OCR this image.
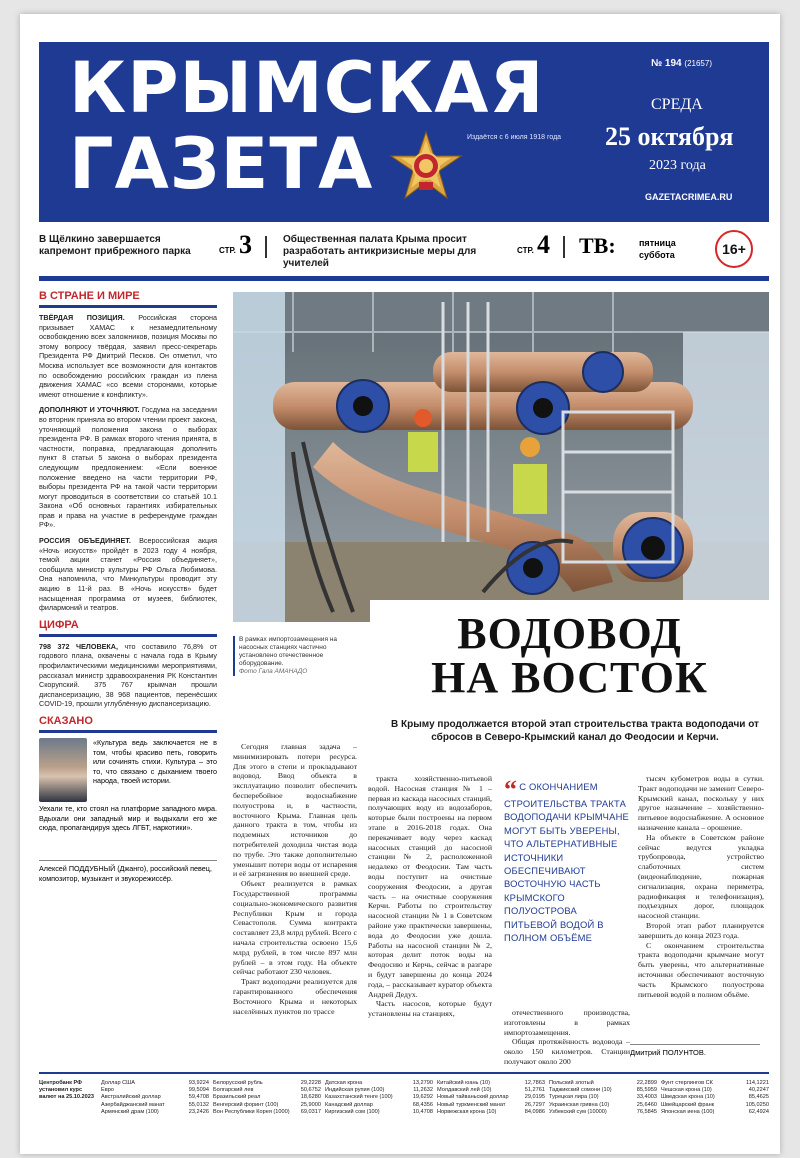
КРЫМСКАЯ
ГАЗЕТА	Издаётся с 6 июля 1918 года
№ 194 (21657)
СРЕДА
25 октября
2023 года
GAZETACRIMEA.RU
В Щёлкино завершается капремонт прибрежного парка	СТР. 3	Общественная палата Крыма просит разработать антикризисные меры для учителей
СТР. 4 ТВ:	пятница
суббота	16+
В СТРАНЕ И МИРЕ

ТВЁРДАЯ ПОЗИЦИЯ. Российская сторона призывает ХАМАС к незамедлительному освобождению всех заложников, позиция Москвы по этому вопросу твёрдая, заявил пресс-секретарь Президента РФ Дмитрий Песков. Он отметил, что Москва использует все возможности для контактов по освобождению российских граждан из плена движения ХАМАС «со всеми сторонами, которые имеют отношение к конфликту».

ДОПОЛНЯЮТ И УТОЧНЯЮТ. Госдума на заседании во вторник приняла во втором чтении проект закона, уточняющий положения закона о выборах президента РФ. В рамках второго чтения принята, в частности, поправка, предлагающая дополнить пункт 8 статьи 5 закона о выборах президента следующим предложением: «Если военное положение введено на части территории РФ, выборы президента РФ на такой части территории могут проводиться в соответствии со статьёй 10.1 Закона «Об основных гарантиях избирательных прав и права на участие в референдуме граждан РФ».

РОССИЯ ОБЪЕДИНЯЕТ. Всероссийская акция «Ночь искусств» пройдёт в 2023 году 4 ноября, темой акции станет «Россия объединяет», сообщила министр культуры РФ Ольга Любимова. Она напомнила, что Минкультуры проводит эту акцию в 11-й раз. В «Ночь искусств» будет насыщенная программа от музеев, библиотек, филармоний и театров.

ЦИФРА

798 372 ЧЕЛОВЕКА, что составило 76,8% от годового плана, охвачены с начала года в Крыму профилактическими медицинскими мероприятиями, рассказал министр здравоохранения РК Константин Скорупский. 375 767 крымчан прошли диспансеризацию, 38 968 пациентов, перенёсших COVID-19, прошли углублённую диспансеризацию.

СКАЗАНО
«Культура ведь заключается не в том, чтобы красиво петь, говорить или сочинять стихи. Культура – это то, что связано с дыханием твоего народа, твоей истории.
Уехали те, кто стоял на платформе западного мира. Вдыхали они западный мир и выдыхали его же сюда, пропагандируя здесь ЛГБТ, наркотики».
Алексей ПОДДУБНЫЙ (Джанго), российский певец, композитор, музыкант и звукорежиссёр.
В рамках импортозамещения на насосных станциях частично установлено отечественное оборудование.
Фото Гала АМАНАДО
ВОДОВОД
НА ВОСТОК
В Крыму продолжается второй этап строительства тракта водоподачи от сбросов в Северо-Крымский канал до Феодосии и Керчи.

Сегодня главная задача – минимизировать потери ресурса. Для этого в степи и прокладывают водовод. Ввод объекта в эксплуатацию позволит обеспечить бесперебойное водоснабжение полуострова и, в частности, восточного Крыма. Главная цель данного тракта в том, чтобы из подземных источников до потребителей доходила чистая вода по трубе. Это также дополнительно уменьшит потери воды от испарения и её загрязнения во внешней среде.

Объект реализуется в рамках Государственной программы социально-экономического развития Республики Крым и города Севастополя. Сумма контракта составляет 23,8 млрд рублей. Всего с начала строительства освоено 15,6 млрд рублей, в том числе 897 млн рублей – в этом году. На объекте сейчас работают 230 человек.

Тракт водоподачи реализуется для гарантированного обеспечения Восточного Крыма и некоторых населённых пунктов по трассе

тракта хозяйственно-питьевой водой. Насосная станция № 1 – первая из каскада насосных станций, получающих воду из водозаборов, которые были построены на первом этапе в 2016-2018 годах. Она перекачивает воду через каскад насосных станций до насосной станции № 2, расположенной недалеко от Феодосии. Там часть воды поступит на очистные сооружения Феодосии, а другая часть – на очистные сооружения Керчи. Работы по строительству насосной станции № 1 в Советском районе уже практически завершены, вода до Феодосии уже дошла. Работы на насосной станции № 2, которая делит поток воды на Феодосию и Керчь, сейчас в разгаре и будут завершены до конца 2024 года, – рассказывает куратор объекта Андрей Дедух.

Часть насосов, которые будут установлены на станциях,

“ С ОКОНЧАНИЕМ СТРОИТЕЛЬСТВА ТРАКТА ВОДОПОДАЧИ КРЫМЧАНЕ МОГУТ БЫТЬ УВЕРЕНЫ, ЧТО АЛЬТЕРНАТИВНЫЕ ИСТОЧНИКИ ОБЕСПЕЧИВАЮТ ВОСТОЧНУЮ ЧАСТЬ КРЫМСКОГО ПОЛУОСТРОВА ПИТЬЕВОЙ ВОДОЙ В ПОЛНОМ ОБЪЁМЕ

отечественного производства, изготовлены в рамках импортозамещения.

Общая протяжённость водовода – около 150 километров. Станции получают около 200

тысяч кубометров воды в сутки. Тракт водоподачи не заменит Северо-Крымский канал, поскольку у них другое назначение – хозяйственно-питьевое водоснабжение. А основное назначение канала – орошение.

На объекте в Советском районе сейчас ведутся укладка трубопровода, устройство слаботочных систем (видеонаблюдение, пожарная сигнализация, охрана периметра, радиофикация и телефонизация), подъездных дорог, площадок насосной станции.

Второй этап работ планируется завершить до конца 2023 года.

С окончанием строительства тракта водоподачи крымчане могут быть уверены, что альтернативные источники обеспечивают восточную часть Крымского полуострова питьевой водой в полном объёме.

Дмитрий ПОЛУНТОВ.
Центробанк РФ установил курс валют на 25.10.2023
Доллар США	93,9224
Евро	99,5094
Австралийский доллар	59,4708
Азербайджанский манат	55,0132
Армянский драм (100)	23,2426
Белорусский рубль	29,2228
Болгарский лев	50,6752
Бразильский реал	18,6280
Венгерский форинт (100)	25,9000
Вон Республики Корея (1000) 69,0317
Датская крона	13,2790
Индийская рупия (100)	11,2632
Казахстанский тенге (100)	19,6292
Канадский доллар	68,4356
Киргизский сом (100)	10,4708
Китайский юань (10)	12,7863
Молдавский лей (10)	51,2761
Новый тайваньский доллар	29,0195
Новый туркменский манат	26,7297
Норвежская крона (10)	84,0986
Польский злотый	22,2899
Таджикский сомони (10)	85,5959
Турецкая лира (10)	33,4003
Украинская гривна (10)	25,6460
Узбекский сум (10000)	76,5845
Фунт стерлингов СК	114,1221
Чешская крона (10)	40,2247
Шведская крона (10)	85,4625
Швейцарский франк	105,0250
Японская иена (100)	62,4924
